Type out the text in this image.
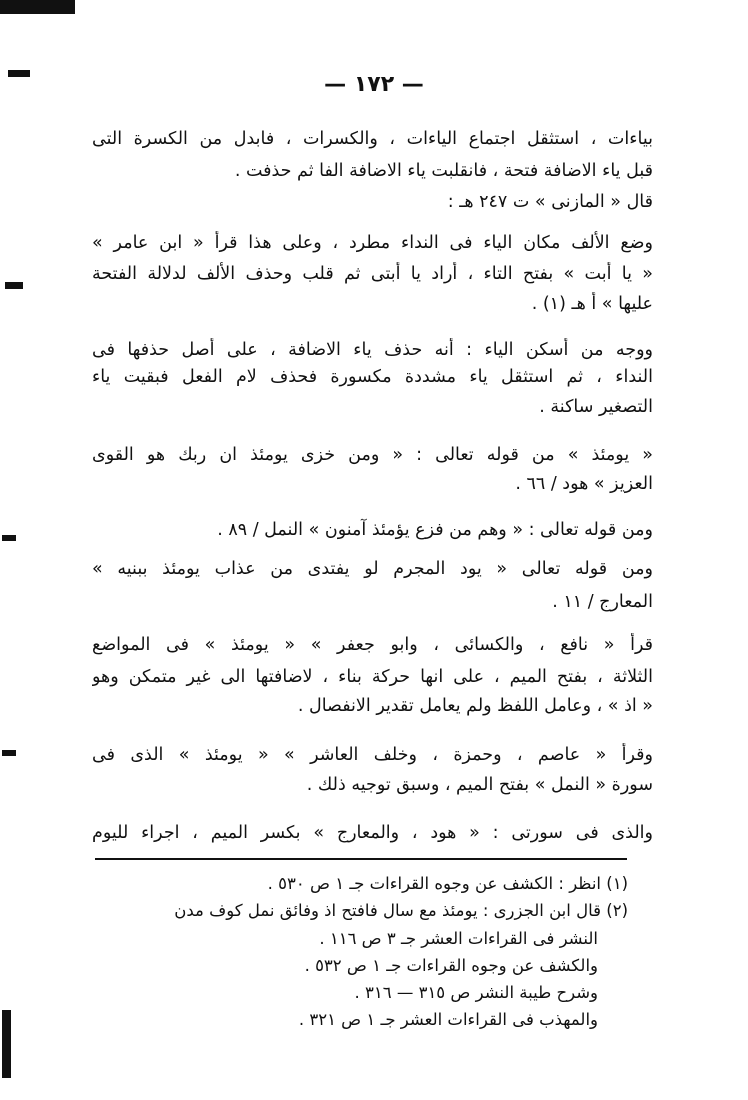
— ١٧٢ —
بياءات ، استثقل اجتماع الياءات ، والكسرات ، فابدل من الكسرة التى
قبل ياء الاضافة فتحة ، فانقلبت ياء الاضافة الفا ثم حذفت .
قال « المازنى » ت ٢٤٧ هـ :
وضع الألف مكان الياء فى النداء مطرد ، وعلى هذا قرأ « ابن عامر »
« يا أبت » بفتح التاء ، أراد يا أبتى ثم قلب وحذف الألف لدلالة الفتحة
عليها » أ هـ (١) .
ووجه من أسكن الياء : أنه حذف ياء الاضافة ، على أصل حذفها فى
النداء ، ثم استثقل ياء مشددة مكسورة فحذف لام الفعل فبقيت ياء
التصغير ساكنة .
« يومئذ » من قوله تعالى : « ومن خزى يومئذ ان ربك هو القوى
العزيز » هود / ٦٦ .
ومن قوله تعالى : « وهم من فزع يؤمئذ آمنون » النمل / ٨٩ .
ومن قوله تعالى « يود المجرم لو يفتدى من عذاب يومئذ ببنيه »
المعارج / ١١ .
قرأ « نافع ، والكسائى ، وابو جعفر » « يومئذ » فى المواضع
الثلاثة ، بفتح الميم ، على انها حركة بناء ، لاضافتها الى غير متمكن وهو
« اذ » ، وعامل اللفظ ولم يعامل تقدير الانفصال .
وقرأ « عاصم ، وحمزة ، وخلف العاشر » « يومئذ » الذى فى
سورة « النمل » بفتح الميم ، وسبق توجيه ذلك .
والذى فى سورتى : « هود ، والمعارج » بكسر الميم ، اجراء لليوم
(١) انظر : الكشف عن وجوه القراءات جـ ١ ص ٥٣٠ .
(٢) قال ابن الجزرى : يومئذ مع سال فافتح اذ وفائق نمل كوف مدن
النشر فى القراءات العشر جـ ٣ ص ١١٦ .
والكشف عن وجوه القراءات جـ ١ ص ٥٣٢ .
وشرح طيبة النشر ص ٣١٥ — ٣١٦ .
والمهذب فى القراءات العشر جـ ١ ص ٣٢١ .
